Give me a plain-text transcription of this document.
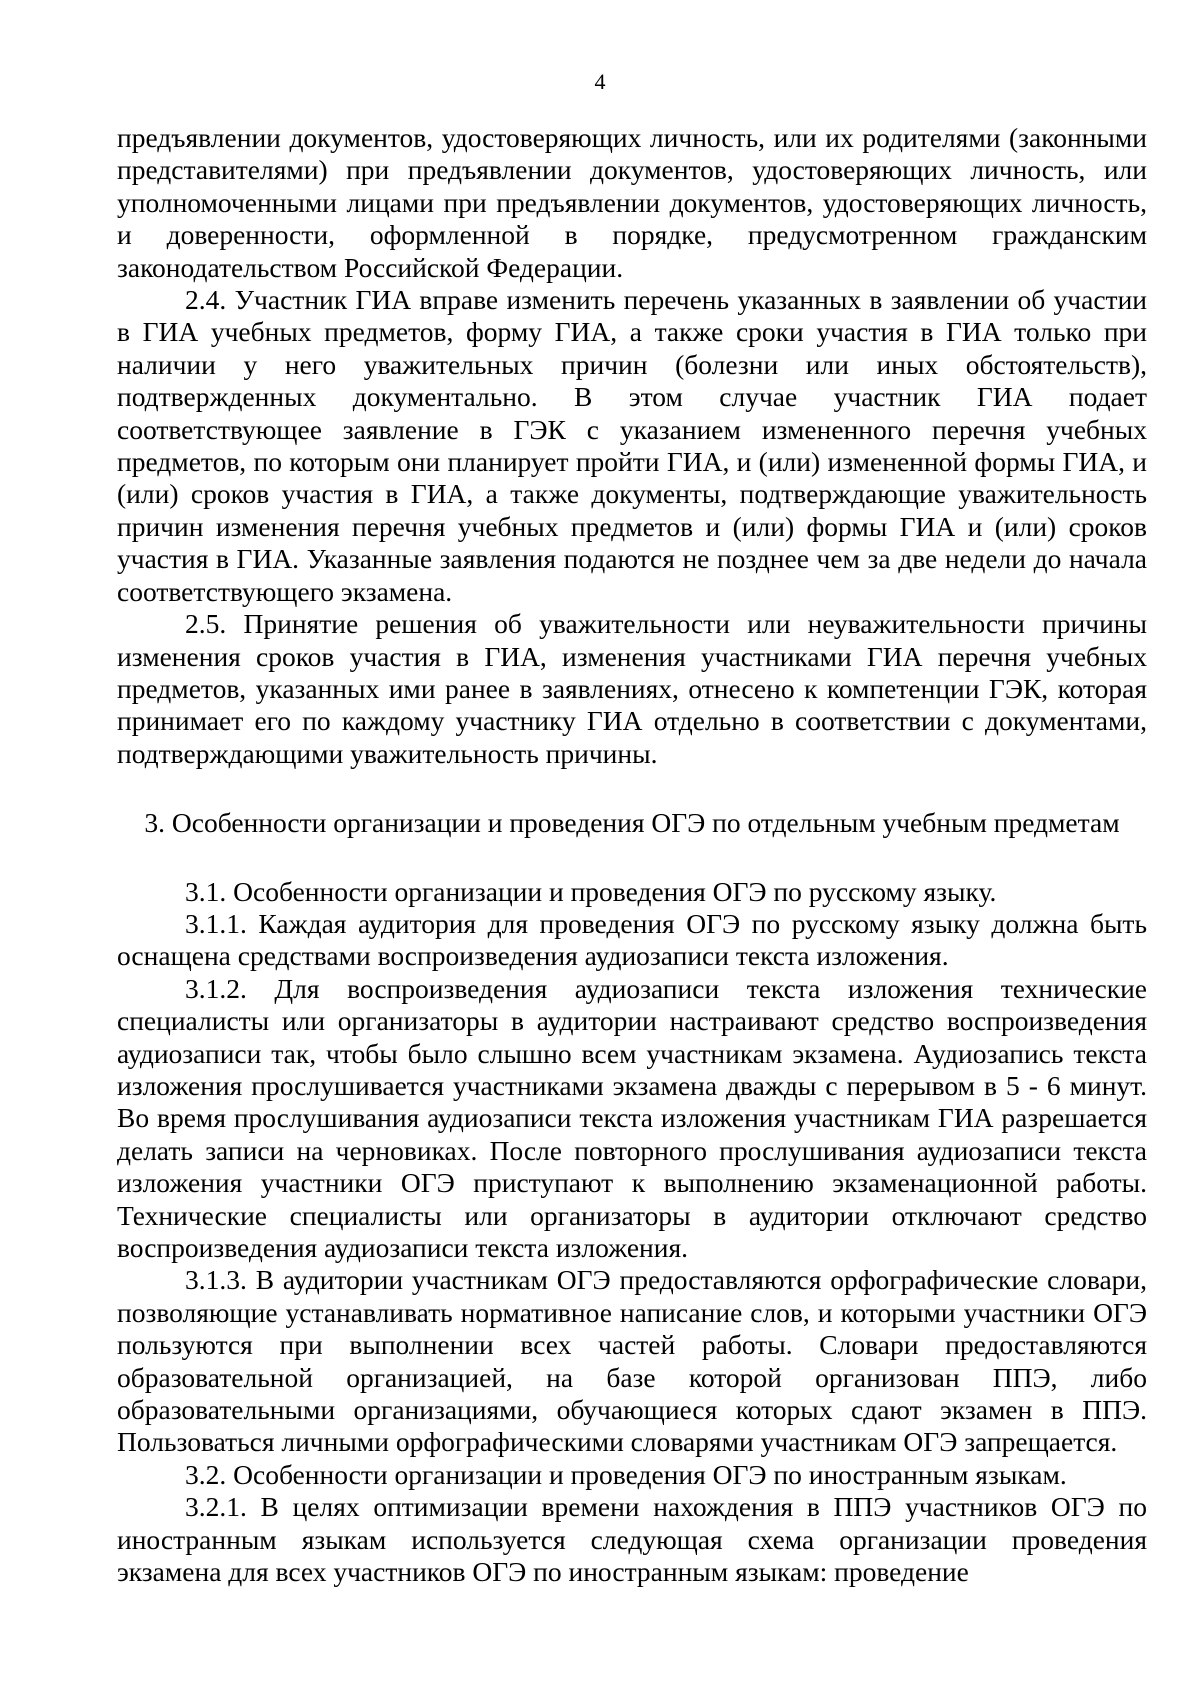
4

предъявлении документов, удостоверяющих личность, или их родителями (законными представителями) при предъявлении документов, удостоверяющих личность, или уполномоченными лицами при предъявлении документов, удостоверяющих личность, и доверенности, оформленной в порядке, предусмотренном гражданским законодательством Российской Федерации.

2.4. Участник ГИА вправе изменить перечень указанных в заявлении об участии в ГИА учебных предметов, форму ГИА, а также сроки участия в ГИА только при наличии у него уважительных причин (болезни или иных обстоятельств), подтвержденных документально. В этом случае участник ГИА подает соответствующее заявление в ГЭК с указанием измененного перечня учебных предметов, по которым они планирует пройти ГИА, и (или) измененной формы ГИА, и (или) сроков участия в ГИА, а также документы, подтверждающие уважительность причин изменения перечня учебных предметов и (или) формы ГИА и (или) сроков участия в ГИА. Указанные заявления подаются не позднее чем за две недели до начала соответствующего экзамена.

2.5. Принятие решения об уважительности или неуважительности причины изменения сроков участия в ГИА, изменения участниками ГИА перечня учебных предметов, указанных ими ранее в заявлениях, отнесено к компетенции ГЭК, которая принимает его по каждому участнику ГИА отдельно в соответствии с документами, подтверждающими уважительность причины.

3. Особенности организации и проведения ОГЭ по отдельным учебным предметам

3.1. Особенности организации и проведения ОГЭ по русскому языку.

3.1.1. Каждая аудитория для проведения ОГЭ по русскому языку должна быть оснащена средствами воспроизведения аудиозаписи текста изложения.

3.1.2. Для воспроизведения аудиозаписи текста изложения технические специалисты или организаторы в аудитории настраивают средство воспроизведения аудиозаписи так, чтобы было слышно всем участникам экзамена. Аудиозапись текста изложения прослушивается участниками экзамена дважды с перерывом в 5 - 6 минут. Во время прослушивания аудиозаписи текста изложения участникам ГИА разрешается делать записи на черновиках. После повторного прослушивания аудиозаписи текста изложения участники ОГЭ приступают к выполнению экзаменационной работы. Технические специалисты или организаторы в аудитории отключают средство воспроизведения аудиозаписи текста изложения.

3.1.3. В аудитории участникам ОГЭ предоставляются орфографические словари, позволяющие устанавливать нормативное написание слов, и которыми участники ОГЭ пользуются при выполнении всех частей работы. Словари предоставляются образовательной организацией, на базе которой организован ППЭ, либо образовательными организациями, обучающиеся которых сдают экзамен в ППЭ. Пользоваться личными орфографическими словарями участникам ОГЭ запрещается.

3.2. Особенности организации и проведения ОГЭ по иностранным языкам.

3.2.1. В целях оптимизации времени нахождения в ППЭ участников ОГЭ по иностранным языкам используется следующая схема организации проведения экзамена для всех участников ОГЭ по иностранным языкам: проведение
